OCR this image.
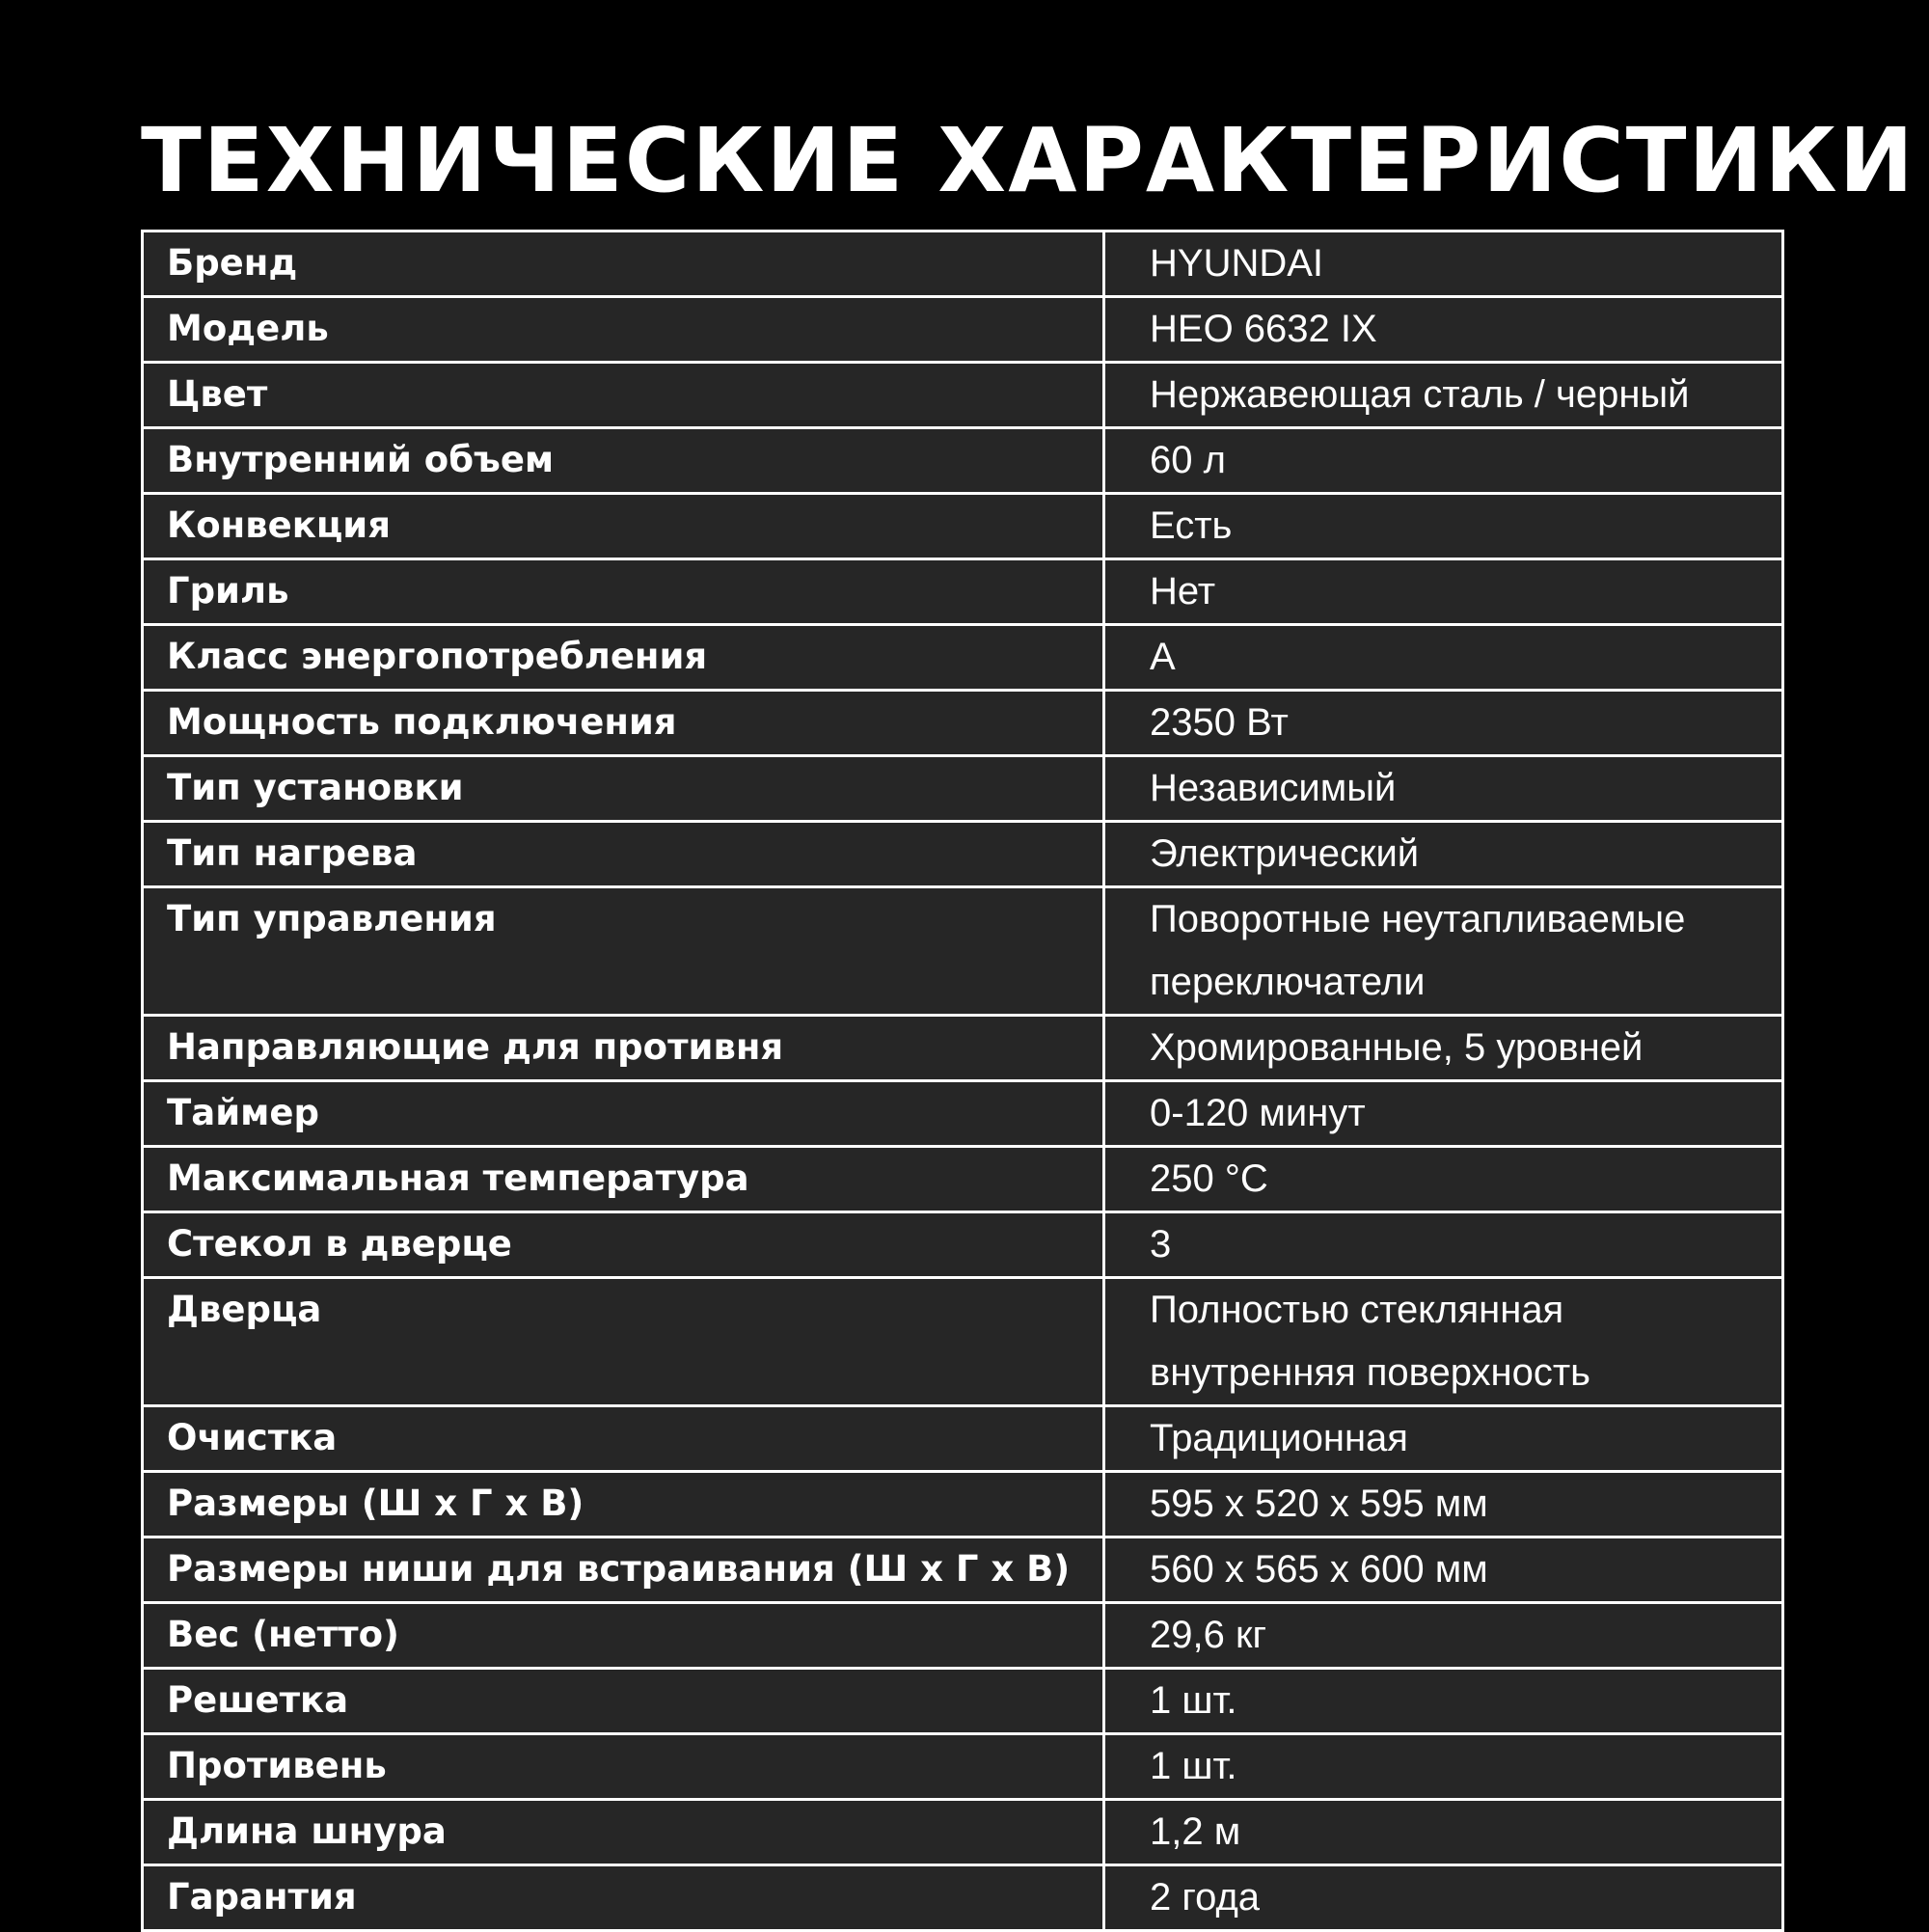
ТЕХНИЧЕСКИЕ ХАРАКТЕРИСТИКИ
Бренд	HYUNDAI

Модель	HEO 6632 IX

Цвет	Нержавеющая сталь / черный

Внутренний объем	60 л

Конвекция	Есть

Гриль	Нет

Класс энергопотребления	A

Мощность подключения	2350 Вт

Тип установки	Независимый

Тип нагрева	Электрический

Тип управления	Поворотные неутапливаемые
переключатели

Направляющие для противня	Хромированные, 5 уровней

Таймер	0-120 минут

Максимальная температура	250 °C

Стекол в дверце	3

Дверца	Полностью стеклянная
внутренняя поверхность

Очистка	Традиционная

Размеры (Ш х Г х В)	595 х 520 х 595 мм

Размеры ниши для встраивания (Ш х Г х В)	560 х 565 х 600 мм

Вес (нетто)	29,6 кг

Решетка	1 шт.

Противень	1 шт.

Длина шнура	1,2 м

Гарантия	2 года
